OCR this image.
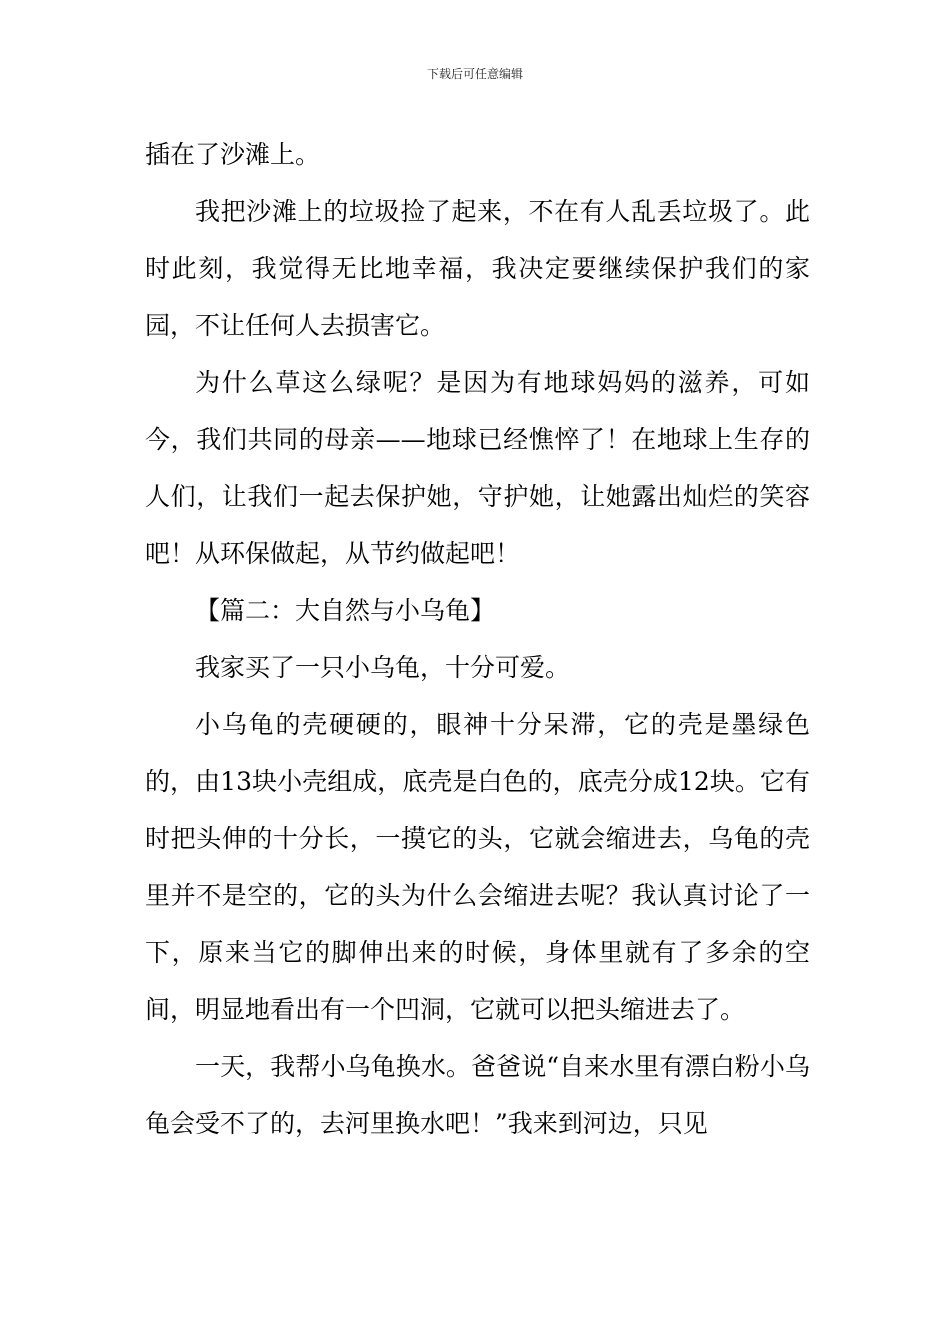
下载后可任意编辑

插在了沙滩上。

我把沙滩上的垃圾捡了起来，不在有人乱丢垃圾了。此时此刻，我觉得无比地幸福，我决定要继续保护我们的家园，不让任何人去损害它。

为什么草这么绿呢？是因为有地球妈妈的滋养，可如今，我们共同的母亲——地球已经憔悴了！在地球上生存的人们，让我们一起去保护她，守护她，让她露出灿烂的笑容吧！从环保做起，从节约做起吧！

【篇二：大自然与小乌龟】

我家买了一只小乌龟，十分可爱。

小乌龟的壳硬硬的，眼神十分呆滞，它的壳是墨绿色的，由13块小壳组成，底壳是白色的，底壳分成12块。它有时把头伸的十分长，一摸它的头，它就会缩进去，乌龟的壳里并不是空的，它的头为什么会缩进去呢？我认真讨论了一下，原来当它的脚伸出来的时候，身体里就有了多余的空间，明显地看出有一个凹洞，它就可以把头缩进去了。

一天，我帮小乌龟换水。爸爸说“自来水里有漂白粉小乌龟会受不了的，去河里换水吧！”我来到河边，只见
